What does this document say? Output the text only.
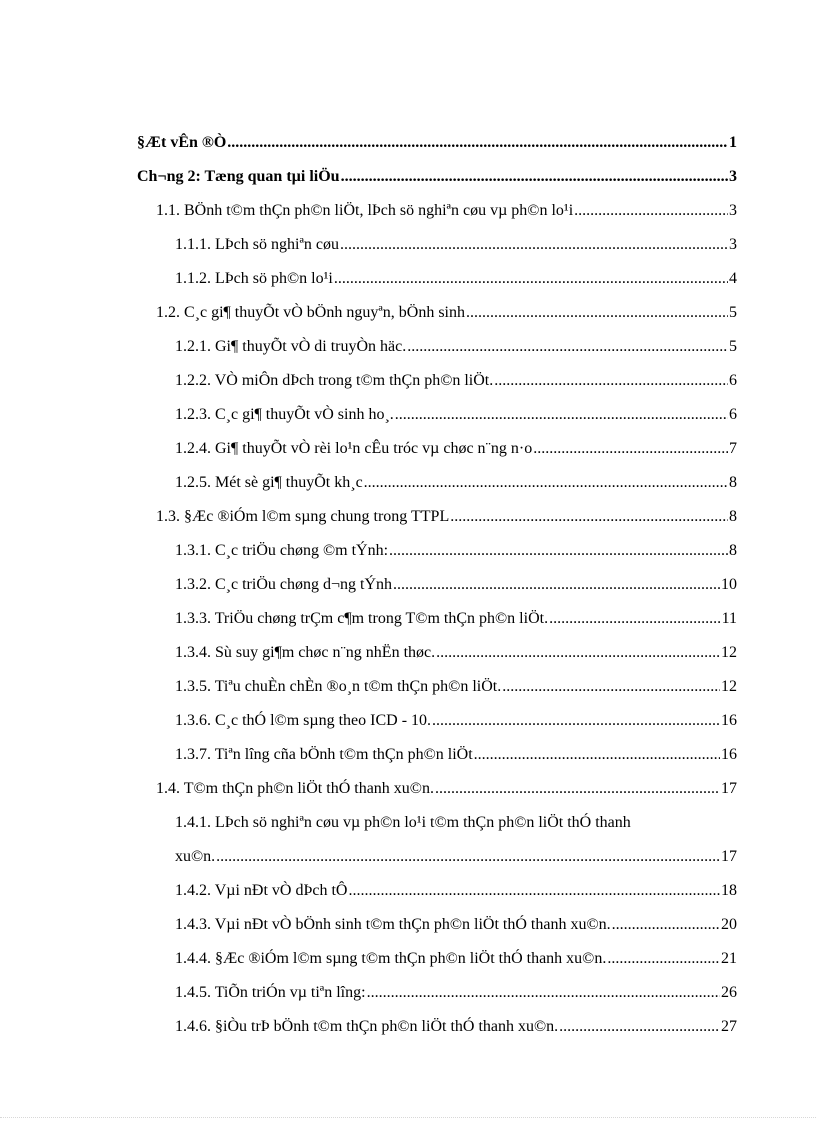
§Æt vÊn ®Ò .....	1
Ch¬ng 2: Tæng quan tµi liÖu .....	3
1.1. BÖnh t©m thÇn ph©n liÖt, lÞch sö nghiªn cøu vµ ph©n lo¹i .....	3
1.1.1. LÞch sö nghiªn cøu .....	3
1.1.2. LÞch sö ph©n lo¹i .....	4
1.2. C¸c gi¶ thuyÕt vÒ bÖnh nguyªn, bÖnh sinh .....	5
1.2.1. Gi¶ thuyÕt vÒ di truyÒn häc. .....	5
1.2.2. VÒ miÔn dÞch trong t©m thÇn ph©n liÖt. .....	6
1.2.3. C¸c gi¶ thuyÕt vÒ sinh ho¸. .....	6
1.2.4. Gi¶ thuyÕt vÒ rèi lo¹n cÊu tróc vµ chøc n¨ng n·o .....	7
1.2.5. Mét sè gi¶ thuyÕt kh¸c .....	8
1.3. §Æc ®iÓm l©m sµng chung trong TTPL .....	8
1.3.1. C¸c triÖu chøng ©m tÝnh: .....	8
1.3.2. C¸c triÖu chøng d¬ng tÝnh .....	10
1.3.3. TriÖu chøng trÇm c¶m trong T©m thÇn ph©n liÖt. .....	11
1.3.4. Sù suy gi¶m chøc n¨ng nhËn thøc. .....	12
1.3.5. Tiªu chuÈn chÈn ®o¸n t©m thÇn ph©n liÖt. .....	12
1.3.6. C¸c thÓ l©m sµng theo ICD - 10. .....	16
1.3.7. Tiªn lîng cña bÖnh t©m thÇn ph©n liÖt .....	16
1.4. T©m thÇn ph©n liÖt thÓ thanh xu©n. .....	17
1.4.1. LÞch sö nghiªn cøu vµ ph©n lo¹i t©m thÇn ph©n liÖt thÓ thanh
xu©n. .....	17
1.4.2. Vµi nÐt vÒ dÞch tÔ .....	18
1.4.3. Vµi nÐt vÒ bÖnh sinh t©m thÇn ph©n liÖt thÓ thanh xu©n. .....	20
1.4.4. §Æc ®iÓm l©m sµng t©m thÇn ph©n liÖt thÓ thanh xu©n. .....	21
1.4.5. TiÕn triÓn vµ tiªn lîng: .....	26
1.4.6. §iÒu trÞ bÖnh t©m thÇn ph©n liÖt thÓ thanh xu©n. .....	27
